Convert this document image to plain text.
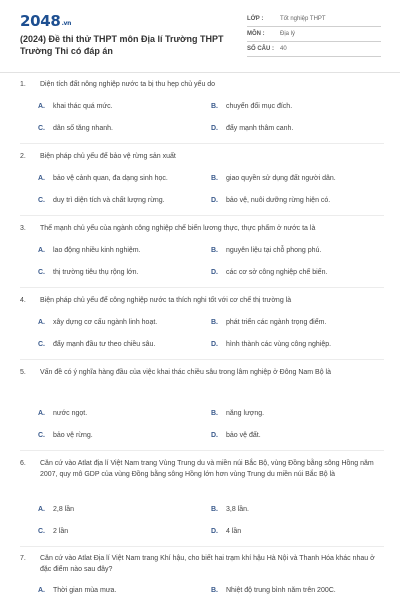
2048.vn
(2024) Đề thi thử THPT môn Địa lí Trường THPT Trường Thi có đáp án
LỚP :	Tốt nghiệp THPT
MÔN :	Địa lý
SỐ CÂU :	40
1.	Diện tích đất nông nghiệp nước ta bị thu hẹp chủ yếu do
A.	khai thác quá mức.	B.	chuyển đổi mục đích.
C.	dân số tăng nhanh.	D.	đẩy mạnh thâm canh.
2.	Biện pháp chủ yếu để bảo vệ rừng sản xuất
A.	bảo vệ cảnh quan, đa dạng sinh học.	B.	giao quyền sử dụng đất người dân.
C.	duy trì diện tích và chất lượng rừng.	D.	bảo vệ, nuôi dưỡng rừng hiện có.
3.	Thế mạnh chủ yếu của ngành công nghiệp chế biến lương thực, thực phẩm ở nước ta là
A.	lao động nhiều kinh nghiệm.	B.	nguyên liệu tại chỗ phong phú.
C.	thị trường tiêu thụ rộng lớn.	D.	các cơ sở công nghiệp chế biến.
4.	Biện pháp chủ yếu để công nghiệp nước ta thích nghi tốt với cơ chế thị trường là
A.	xây dựng cơ cấu ngành linh hoạt.	B.	phát triển các ngành trọng điểm.
C.	đẩy mạnh đầu tư theo chiều sâu.	D.	hình thành các vùng công nghiệp.
5.	Vấn đề có ý nghĩa hàng đầu của việc khai thác chiều sâu trong lâm nghiệp ở Đông Nam Bộ là
A.	nước ngọt.	B.	năng lượng.
C.	bảo vệ rừng.	D.	bảo vệ đất.
6.	Căn cứ vào Atlat địa lí Việt Nam trang Vùng Trung du và miền núi Bắc Bộ, vùng Đồng bằng sông Hồng năm 2007, quy mô GDP của vùng Đồng bằng sông Hồng lớn hơn vùng Trung du miền núi Bắc Bộ là
A.	2,8 lần	B.	3,8 lần.
C.	2 lần	D.	4 lần
7.	Căn cứ vào Atlat Địa lí Việt Nam trang Khí hậu, cho biết hai trạm khí hậu Hà Nội và Thanh Hóa khác nhau ở đặc điểm nào sau đây?
A.	Thời gian mùa mưa.	B.	Nhiệt độ trung bình năm trên 200C.
